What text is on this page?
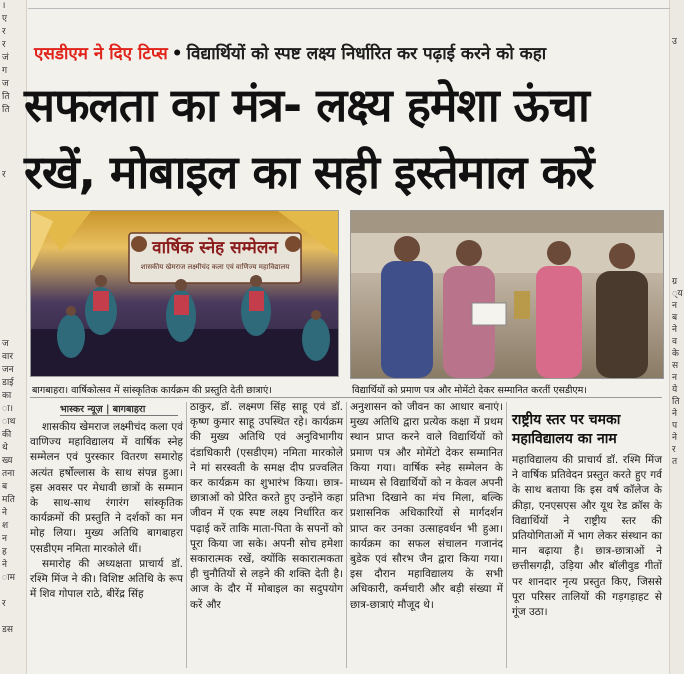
।
ए
र
र
जं
ग
ज
ति
ति

र

ज
वार
जन
डाई
का
ा।
ाथ
की
थे
ख्य
तना
ब
मति
ने
श
न
ह
ने
ाम

र

डस

उ

ग्र
्य
न
ब
ने
व
के
स
न
ये
ति
ने
प
ने
र
त
एसडीएम ने दिए टिप्स • विद्यार्थियों को स्पष्ट लक्ष्य निर्धारित कर पढ़ाई करने को कहा
सफलता का मंत्र- लक्ष्य हमेशा ऊंचा
रखें, मोबाइल का सही इस्तेमाल करें
वार्षिक स्नेह सम्मेलन
शासकीय खेमराज लक्ष्मीचंद कला एवं वाणिज्य महाविद्यालय
बागबाहरा। वार्षिकोत्सव में सांस्कृतिक कार्यक्रम की प्रस्तुति देती छात्राएं।	विद्यार्थियों को प्रमाण पत्र और मोमेंटो देकर सम्मानित करतीं एसडीएम।
भास्कर न्यूज़ | बागबाहरा
शासकीय खेमराज लक्ष्मीचंद कला एवं वाणिज्य महाविद्यालय में वार्षिक स्नेह सम्मेलन एवं पुरस्कार वितरण समारोह अत्यंत हर्षोल्लास के साथ संपन्न हुआ। इस अवसर पर मेधावी छात्रों के सम्मान के साथ-साथ रंगारंग सांस्कृतिक कार्यक्रमों की प्रस्तुति ने दर्शकों का मन मोह लिया। मुख्य अतिथि बागबाहरा एसडीएम नमिता मारकोले थीं।
समारोह की अध्यक्षता प्राचार्य डॉ. रश्मि मिंज ने की। विशिष्ट अतिथि के रूप में शिव गोपाल राठे, बीरेंद्र सिंह
ठाकुर, डॉ. लक्ष्मण सिंह साहू एवं डॉ. कृष्ण कुमार साहू उपस्थित रहे। कार्यक्रम की मुख्य अतिथि एवं अनुविभागीय दंडाधिकारी (एसडीएम) नमिता मारकोले ने मां सरस्वती के समक्ष दीप प्रज्वलित कर कार्यक्रम का शुभारंभ किया। छात्र-छात्राओं को प्रेरित करते हुए उन्होंने कहा जीवन में एक स्पष्ट लक्ष्य निर्धारित कर पढ़ाई करें ताकि माता-पिता के सपनों को पूरा किया जा सके। अपनी सोच हमेशा सकारात्मक रखें, क्योंकि सकारात्मकता ही चुनौतियों से लड़ने की शक्ति देती है। आज के दौर में मोबाइल का सदुपयोग करें और
अनुशासन को जीवन का आधार बनाएं। मुख्य अतिथि द्वारा प्रत्येक कक्षा में प्रथम स्थान प्राप्त करने वाले विद्यार्थियों को प्रमाण पत्र और मोमेंटो देकर सम्मानित किया गया। वार्षिक स्नेह सम्मेलन के माध्यम से विद्यार्थियों को न केवल अपनी प्रतिभा दिखाने का मंच मिला, बल्कि प्रशासनिक अधिकारियों से मार्गदर्शन प्राप्त कर उनका उत्साहवर्धन भी हुआ। कार्यक्रम का सफल संचालन गजानंद बुडेक एवं सौरभ जैन द्वारा किया गया। इस दौरान महाविद्यालय के सभी अधिकारी, कर्मचारी और बड़ी संख्या में छात्र-छात्राएं मौजूद थे।
राष्ट्रीय स्तर पर चमका महाविद्यालय का नाम
महाविद्यालय की प्राचार्य डॉ. रश्मि मिंज ने वार्षिक प्रतिवेदन प्रस्तुत करते हुए गर्व के साथ बताया कि इस वर्ष कॉलेज के क्रीड़ा, एनएसएस और यूथ रेड क्रॉस के विद्यार्थियों ने राष्ट्रीय स्तर की प्रतियोगिताओं में भाग लेकर संस्थान का मान बढ़ाया है। छात्र-छात्राओं ने छत्तीसगढ़ी, उड़िया और बॉलीवुड गीतों पर शानदार नृत्य प्रस्तुत किए, जिससे पूरा परिसर तालियों की गड़गड़ाहट से गूंज उठा।
